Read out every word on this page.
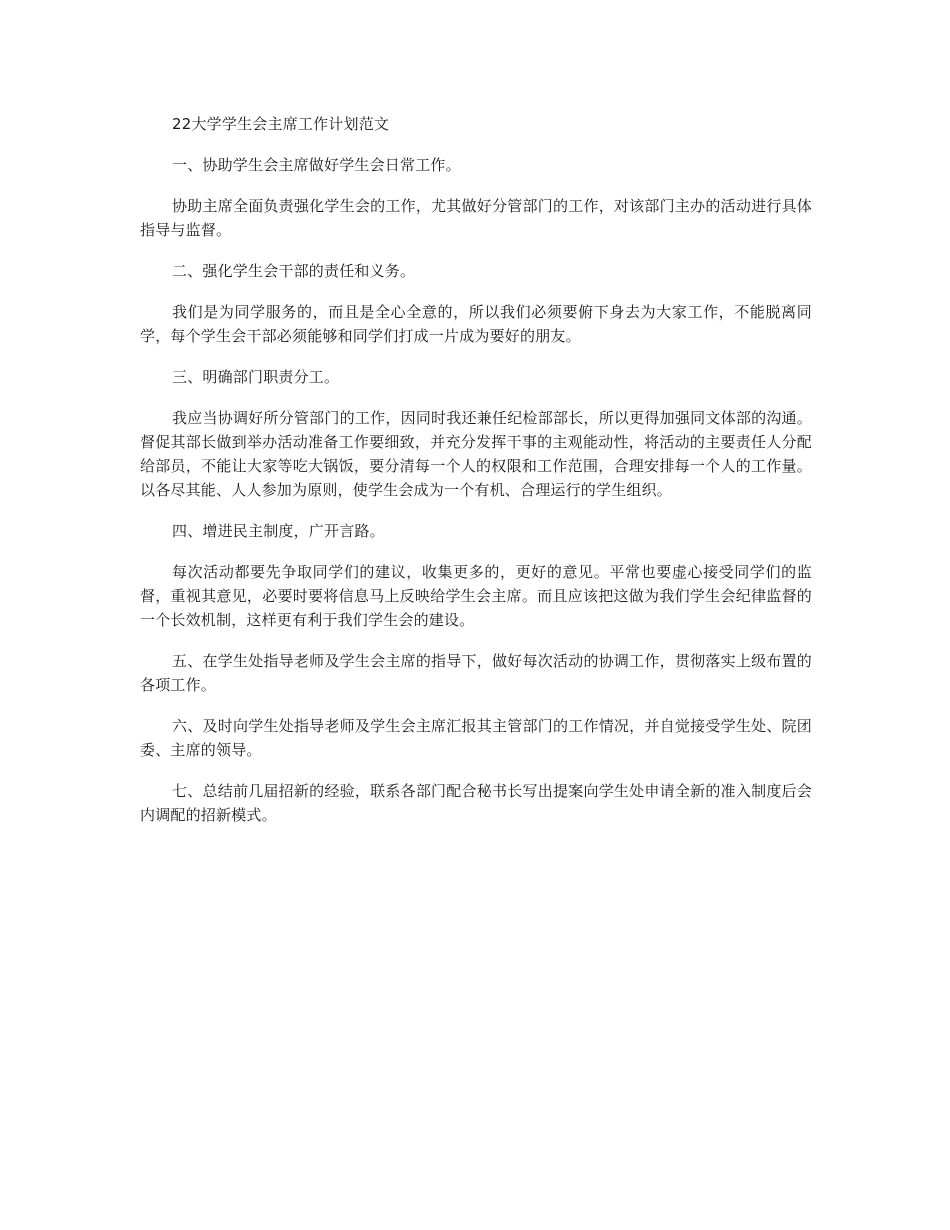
22大学学生会主席工作计划范文

一、协助学生会主席做好学生会日常工作。

协助主席全面负责强化学生会的工作，尤其做好分管部门的工作，对该部门主办的活动进行具体指导与监督。

二、强化学生会干部的责任和义务。

我们是为同学服务的，而且是全心全意的，所以我们必须要俯下身去为大家工作，不能脱离同学，每个学生会干部必须能够和同学们打成一片成为要好的朋友。

三、明确部门职责分工。

我应当协调好所分管部门的工作，因同时我还兼任纪检部部长，所以更得加强同文体部的沟通。督促其部长做到举办活动准备工作要细致，并充分发挥干事的主观能动性，将活动的主要责任人分配给部员，不能让大家等吃大锅饭，要分清每一个人的权限和工作范围，合理安排每一个人的工作量。以各尽其能、人人参加为原则，使学生会成为一个有机、合理运行的学生组织。

四、增进民主制度，广开言路。

每次活动都要先争取同学们的建议，收集更多的，更好的意见。平常也要虚心接受同学们的监督，重视其意见，必要时要将信息马上反映给学生会主席。而且应该把这做为我们学生会纪律监督的一个长效机制，这样更有利于我们学生会的建设。

五、在学生处指导老师及学生会主席的指导下，做好每次活动的协调工作，贯彻落实上级布置的各项工作。

六、及时向学生处指导老师及学生会主席汇报其主管部门的工作情况，并自觉接受学生处、院团委、主席的领导。

七、总结前几届招新的经验，联系各部门配合秘书长写出提案向学生处申请全新的准入制度后会内调配的招新模式。
